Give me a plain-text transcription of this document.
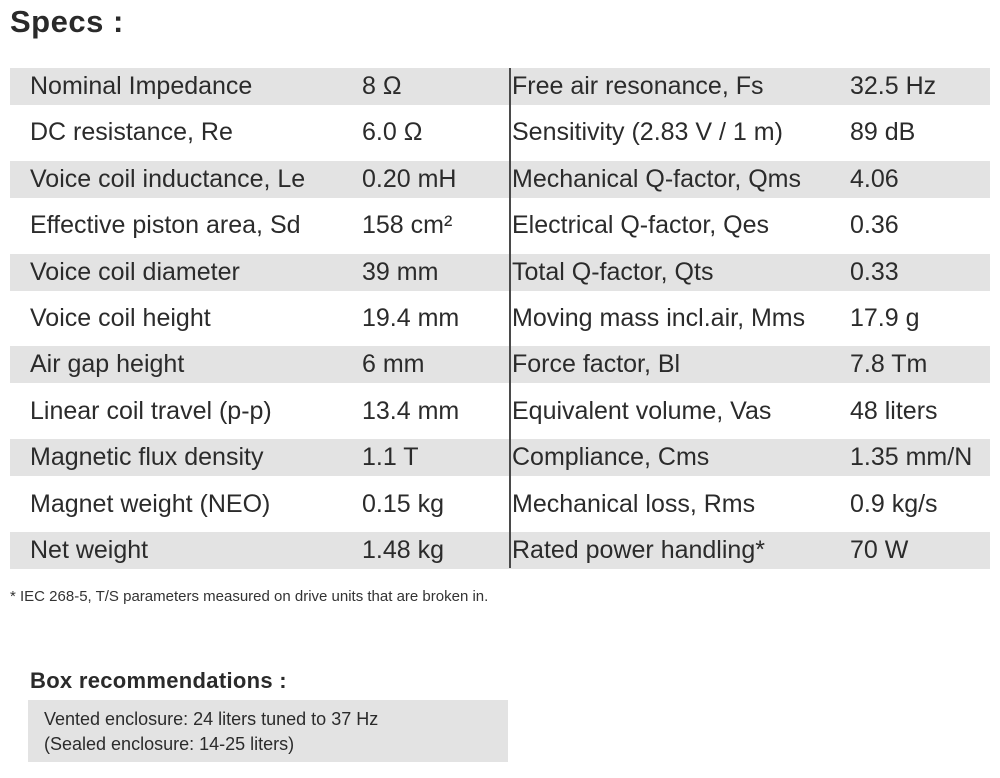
Specs :
Nominal Impedance	8 Ω	Free air resonance, Fs	32.5 Hz
DC resistance, Re	6.0 Ω	Sensitivity (2.83 V / 1 m)	89 dB
Voice coil inductance, Le 0.20 mH Mechanical Q-factor, Qms 4.06
Effective piston area, Sd 158 cm² Electrical Q-factor, Qes	0.36
Voice coil diameter	39 mm	Total Q-factor, Qts	0.33
Voice coil height	19.4 mm Moving mass incl.air, Mms 17.9 g
Air gap height	6 mm	Force factor, Bl	7.8 Tm
Linear coil travel (p-p)	13.4 mm Equivalent volume, Vas	48 liters
Magnetic flux density	1.1 T	Compliance, Cms	1.35 mm/N
Magnet weight (NEO)	0.15 kg	Mechanical loss, Rms	0.9 kg/s
Net weight	1.48 kg	Rated power handling*	70 W
* IEC 268-5, T/S parameters measured on drive units that are broken in.
Box recommendations :
Vented enclosure: 24 liters tuned to 37 Hz
(Sealed enclosure: 14-25 liters)
